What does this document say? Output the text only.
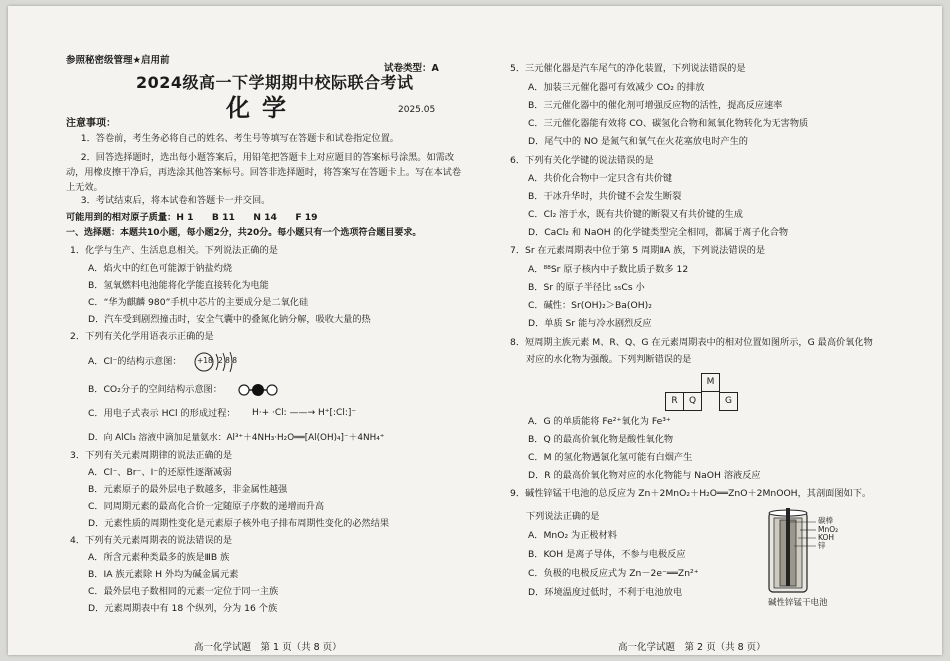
参照秘密级管理★启用前
试卷类型：A
2024级高一下学期期中校际联合考试
化学	2025.05
注意事项：
1．答卷前，考生务必将自己的姓名、考生号等填写在答题卡和试卷指定位置。
2．回答选择题时，选出每小题答案后，用铅笔把答题卡上对应题目的答案标号涂黑。如需改动，用橡皮擦干净后，再选涂其他答案标号。回答非选择题时，将答案写在答题卡上。写在本试卷上无效。
3．考试结束后，将本试卷和答题卡一并交回。
可能用到的相对原子质量：H 1　　B 11　　N 14　　F 19
一、选择题：本题共10小题，每小题2分，共20分。每小题只有一个选项符合题目要求。
1．化学与生产、生活息息相关。下列说法正确的是
A．焰火中的红色可能源于钠盐灼烧
B．氢氧燃料电池能将化学能直接转化为电能
C．“华为麒麟 980”手机中芯片的主要成分是二氧化硅
D．汽车受到剧烈撞击时，安全气囊中的叠氮化钠分解，吸收大量的热
2．下列有关化学用语表示正确的是
A．Cl⁻的结构示意图： +18 2 8 8
B．CO₂分子的空间结构示意图：
C．用电子式表示 HCl 的形成过程： H·+ ·Cl: ——→ H⁺[:Cl:]⁻
D．向 AlCl₃ 溶液中滴加足量氨水：Al³⁺＋4NH₃·H₂O══[Al(OH)₄]⁻＋4NH₄⁺
3．下列有关元素周期律的说法正确的是
A．Cl⁻、Br⁻、I⁻的还原性逐渐减弱
B．元素原子的最外层电子数越多，非金属性越强
C．同周期元素的最高化合价一定随原子序数的递增而升高
D．元素性质的周期性变化是元素原子核外电子排布周期性变化的必然结果
4．下列有关元素周期表的说法错误的是
A．所含元素种类最多的族是ⅢB 族
B．ⅠA 族元素除 H 外均为碱金属元素
C．最外层电子数相同的元素一定位于同一主族
D．元素周期表中有 18 个纵列，分为 16 个族
高一化学试题　第 1 页（共 8 页）
5．三元催化器是汽车尾气的净化装置，下列说法错误的是
A．加装三元催化器可有效减少 CO₂ 的排放
B．三元催化器中的催化剂可增强反应物的活性，提高反应速率
C．三元催化器能有效将 CO、碳氢化合物和氮氧化物转化为无害物质
D．尾气中的 NO 是氮气和氧气在火花塞放电时产生的
6．下列有关化学键的说法错误的是
A．共价化合物中一定只含有共价键
B．干冰升华时，共价键不会发生断裂
C．Cl₂ 溶于水，既有共价键的断裂又有共价键的生成
D．CaCl₂ 和 NaOH 的化学键类型完全相同，都属于离子化合物
7．Sr 在元素周期表中位于第 5 周期ⅡA 族，下列说法错误的是
A．⁸⁸Sr 原子核内中子数比质子数多 12
B．Sr 的原子半径比 ₅₅Cs 小
C．碱性：Sr(OH)₂＞Ba(OH)₂
D．单质 Sr 能与冷水剧烈反应
8．短周期主族元素 M、R、Q、G 在元素周期表中的相对位置如图所示，G 最高价氧化物
对应的水化物为强酸。下列判断错误的是
M
R	Q	G
A．G 的单质能将 Fe²⁺氧化为 Fe³⁺
B．Q 的最高价氧化物是酸性氧化物
C．M 的氢化物遇氯化氢可能有白烟产生
D．R 的最高价氧化物对应的水化物能与 NaOH 溶液反应
9．碱性锌锰干电池的总反应为 Zn＋2MnO₂＋H₂O══ZnO＋2MnOOH，其剖面图如下。
下列说法正确的是
A．MnO₂ 为正极材料
B．KOH 是离子导体，不参与电极反应
C．负极的电极反应式为 Zn－2e⁻══Zn²⁺
D．环境温度过低时，不利于电池放电
碳棒
MnO₂
KOH
锌
碱性锌锰干电池
高一化学试题　第 2 页（共 8 页）
